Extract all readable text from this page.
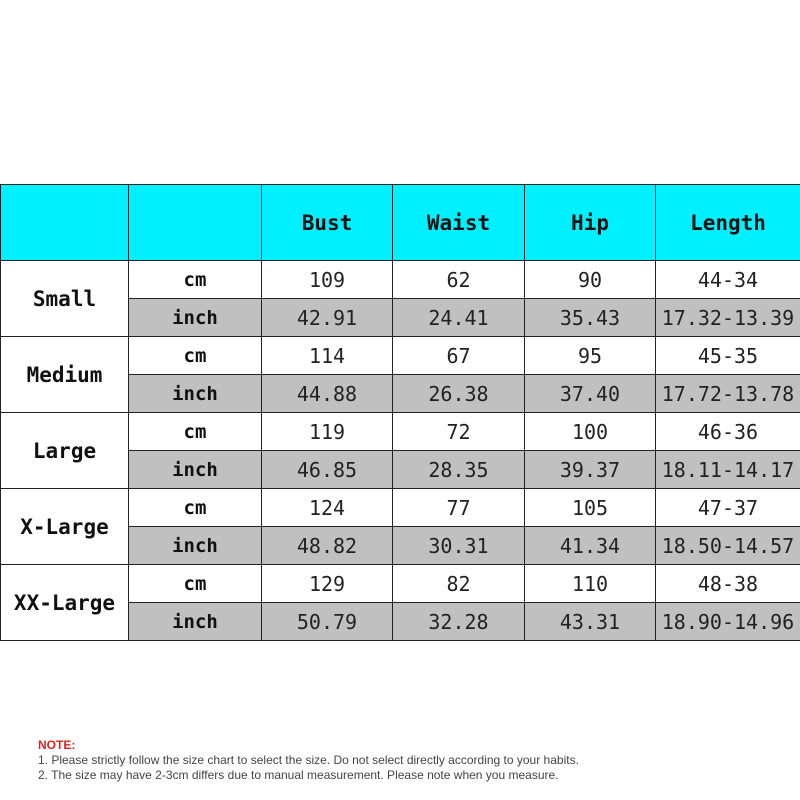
		Bust	Waist	Hip	Length
Small	cm	109	62	90	44-34
	inch	42.91	24.41	35.43	17.32-13.39
Medium	cm	114	67	95	45-35
	inch	44.88	26.38	37.40	17.72-13.78
Large	cm	119	72	100	46-36
	inch	46.85	28.35	39.37	18.11-14.17
X-Large	cm	124	77	105	47-37
	inch	48.82	30.31	41.34	18.50-14.57
XX-Large	cm	129	82	110	48-38
	inch	50.79	32.28	43.31	18.90-14.96
NOTE:
1. Please strictly follow the size chart to select the size. Do not select directly according to your habits.
2. The size may have 2-3cm differs due to manual measurement. Please note when you measure.
